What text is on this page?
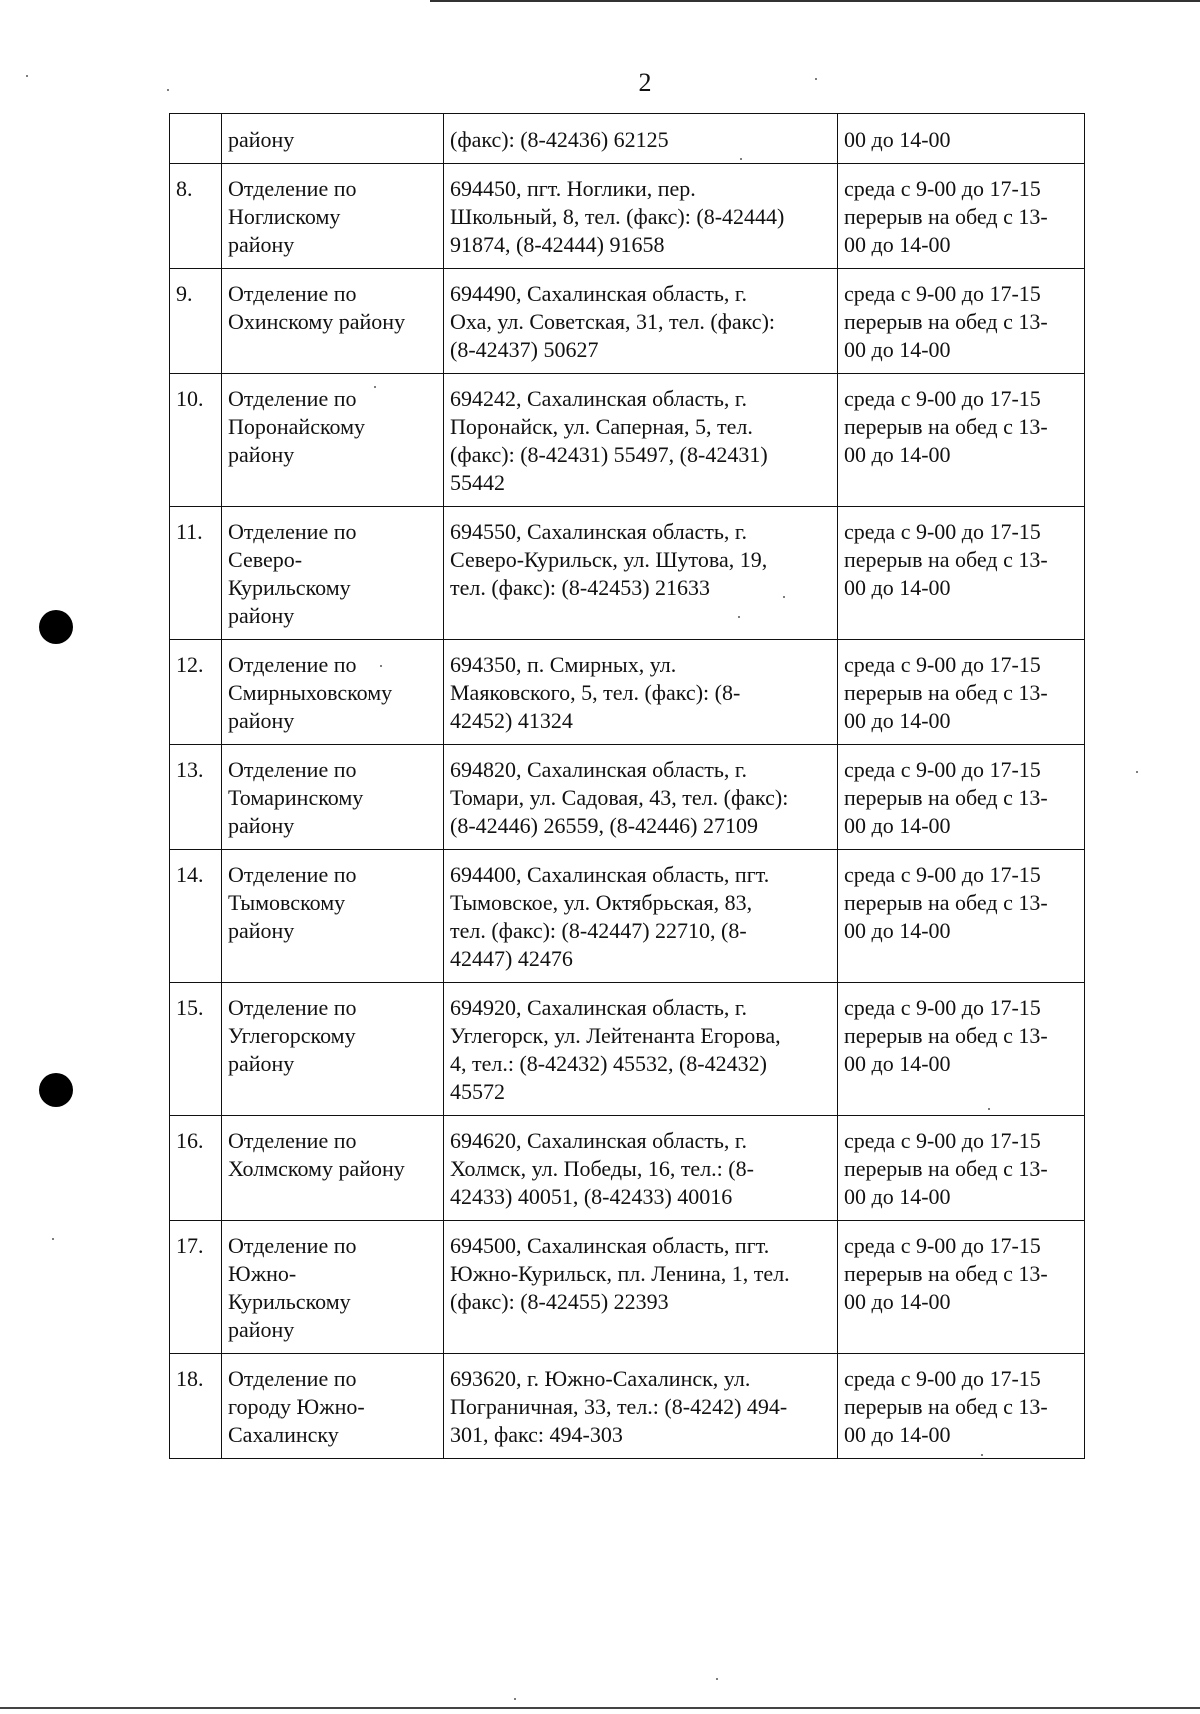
2
	району	(факс): (8-42436) 62125	00 до 14-00
8.	Отделение по
Ноглискому
району	694450, пгт. Ноглики, пер.
Школьный, 8, тел. (факс): (8-42444)
91874, (8-42444) 91658	среда с 9-00 до 17-15
перерыв на обед с 13-
00 до 14-00
9.	Отделение по
Охинскому району	694490, Сахалинская область, г.
Оха, ул. Советская, 31, тел. (факс):
(8-42437) 50627	среда с 9-00 до 17-15
перерыв на обед с 13-
00 до 14-00
10.	Отделение по
Поронайскому
району	694242, Сахалинская область, г.
Поронайск, ул. Саперная, 5, тел.
(факс): (8-42431) 55497, (8-42431)
55442	среда с 9-00 до 17-15
перерыв на обед с 13-
00 до 14-00
11.	Отделение по
Северо-
Курильскому
району	694550, Сахалинская область, г.
Северо-Курильск, ул. Шутова, 19,
тел. (факс): (8-42453) 21633	среда с 9-00 до 17-15
перерыв на обед с 13-
00 до 14-00
12.	Отделение по
Смирныховскому
району	694350, п. Смирных, ул.
Маяковского, 5, тел. (факс): (8-
42452) 41324	среда с 9-00 до 17-15
перерыв на обед с 13-
00 до 14-00
13.	Отделение по
Томаринскому
району	694820, Сахалинская область, г.
Томари, ул. Садовая, 43, тел. (факс):
(8-42446) 26559, (8-42446) 27109	среда с 9-00 до 17-15
перерыв на обед с 13-
00 до 14-00
14.	Отделение по
Тымовскому
району	694400, Сахалинская область, пгт.
Тымовское, ул. Октябрьская, 83,
тел. (факс): (8-42447) 22710, (8-
42447) 42476	среда с 9-00 до 17-15
перерыв на обед с 13-
00 до 14-00
15.	Отделение по
Углегорскому
району	694920, Сахалинская область, г.
Углегорск, ул. Лейтенанта Егорова,
4, тел.: (8-42432) 45532, (8-42432)
45572	среда с 9-00 до 17-15
перерыв на обед с 13-
00 до 14-00
16.	Отделение по
Холмскому району	694620, Сахалинская область, г.
Холмск, ул. Победы, 16, тел.: (8-
42433) 40051, (8-42433) 40016	среда с 9-00 до 17-15
перерыв на обед с 13-
00 до 14-00
17.	Отделение по
Южно-
Курильскому
району	694500, Сахалинская область, пгт.
Южно-Курильск, пл. Ленина, 1, тел.
(факс): (8-42455) 22393	среда с 9-00 до 17-15
перерыв на обед с 13-
00 до 14-00
18.	Отделение по
городу Южно-
Сахалинску	693620, г. Южно-Сахалинск, ул.
Пограничная, 33, тел.: (8-4242) 494-
301, факс: 494-303	среда с 9-00 до 17-15
перерыв на обед с 13-
00 до 14-00
